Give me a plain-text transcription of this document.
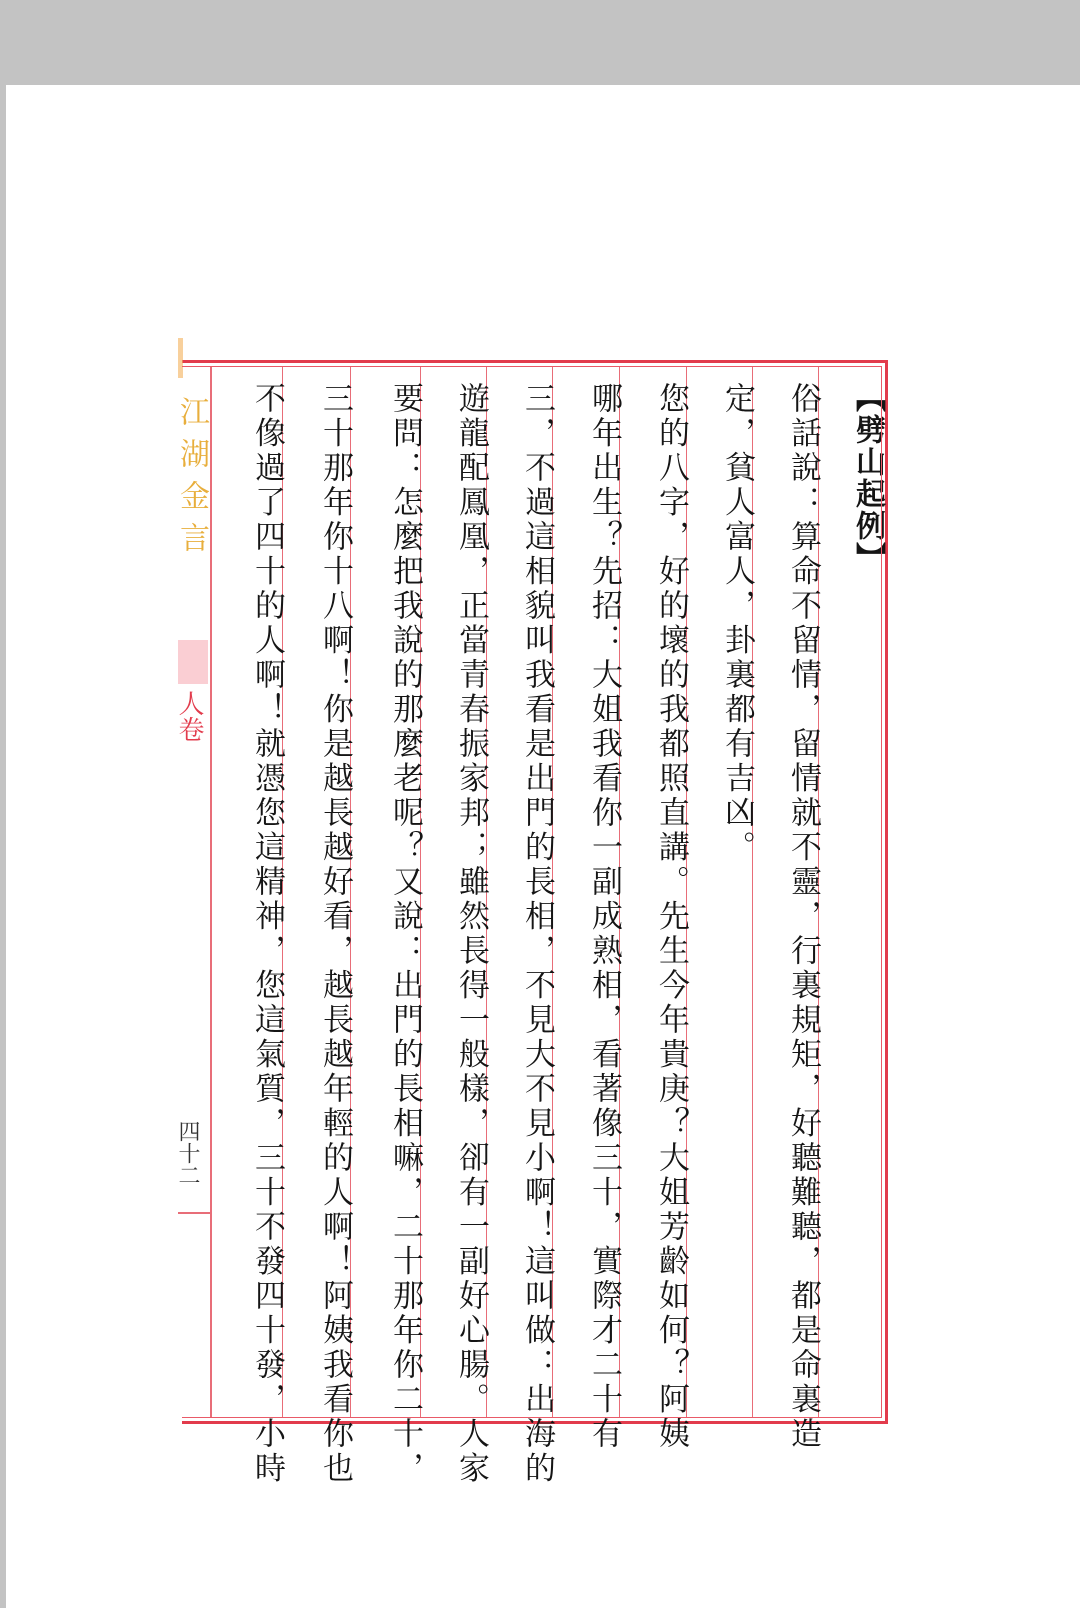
江湖金言
人卷
四十二
【劈山起例】
俗話說：算命不留情，留情就不靈，行裏規矩，好聽難聽，都是命裏造
定，貧人富人，卦裏都有吉凶。
您的八字，好的壞的我都照直講。先生今年貴庚？大姐芳齡如何？阿姨
哪年出生？先招：大姐我看你一副成熟相，看著像三十，實際才二十有
三，不過這相貌叫我看是出門的長相，不見大不見小啊！這叫做：出海的
遊龍配鳳凰，正當青春振家邦；雖然長得一般樣，卻有一副好心腸。人家
要問：怎麼把我說的那麼老呢？又說：出門的長相嘛，二十那年你二十，
三十那年你十八啊！你是越長越好看，越長越年輕的人啊！阿姨我看你也
不像過了四十的人啊！就憑您這精神，您這氣質，三十不發四十發，小時
